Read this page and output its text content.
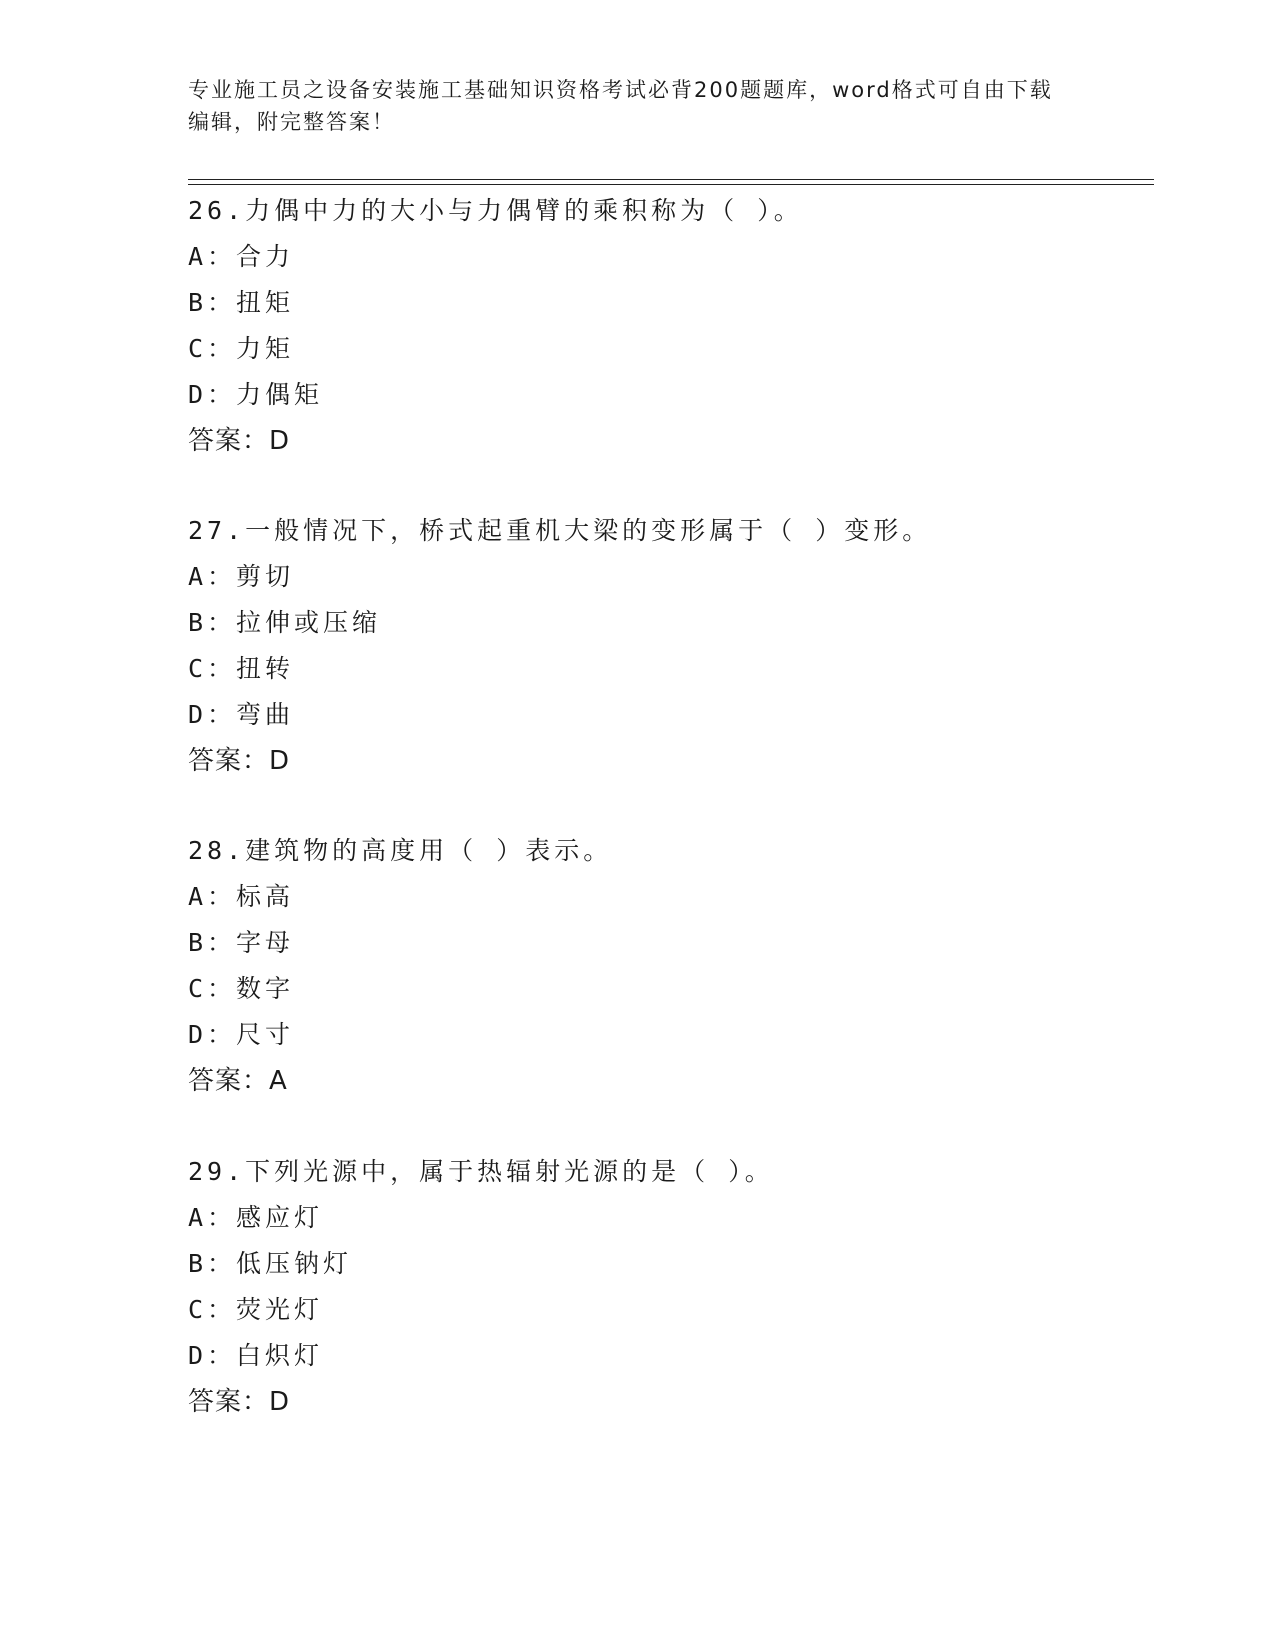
专业施工员之设备安装施工基础知识资格考试必背200题题库，word格式可自由下载编辑，附完整答案！
26.力偶中力的大小与力偶臂的乘积称为（ ）。
A：合力
B：扭矩
C：力矩
D：力偶矩
答案：D
27.一般情况下，桥式起重机大梁的变形属于（ ）变形。
A：剪切
B：拉伸或压缩
C：扭转
D：弯曲
答案：D
28.建筑物的高度用（ ）表示。
A：标高
B：字母
C：数字
D：尺寸
答案：A
29.下列光源中，属于热辐射光源的是（ ）。
A：感应灯
B：低压钠灯
C：荧光灯
D：白炽灯
答案：D
